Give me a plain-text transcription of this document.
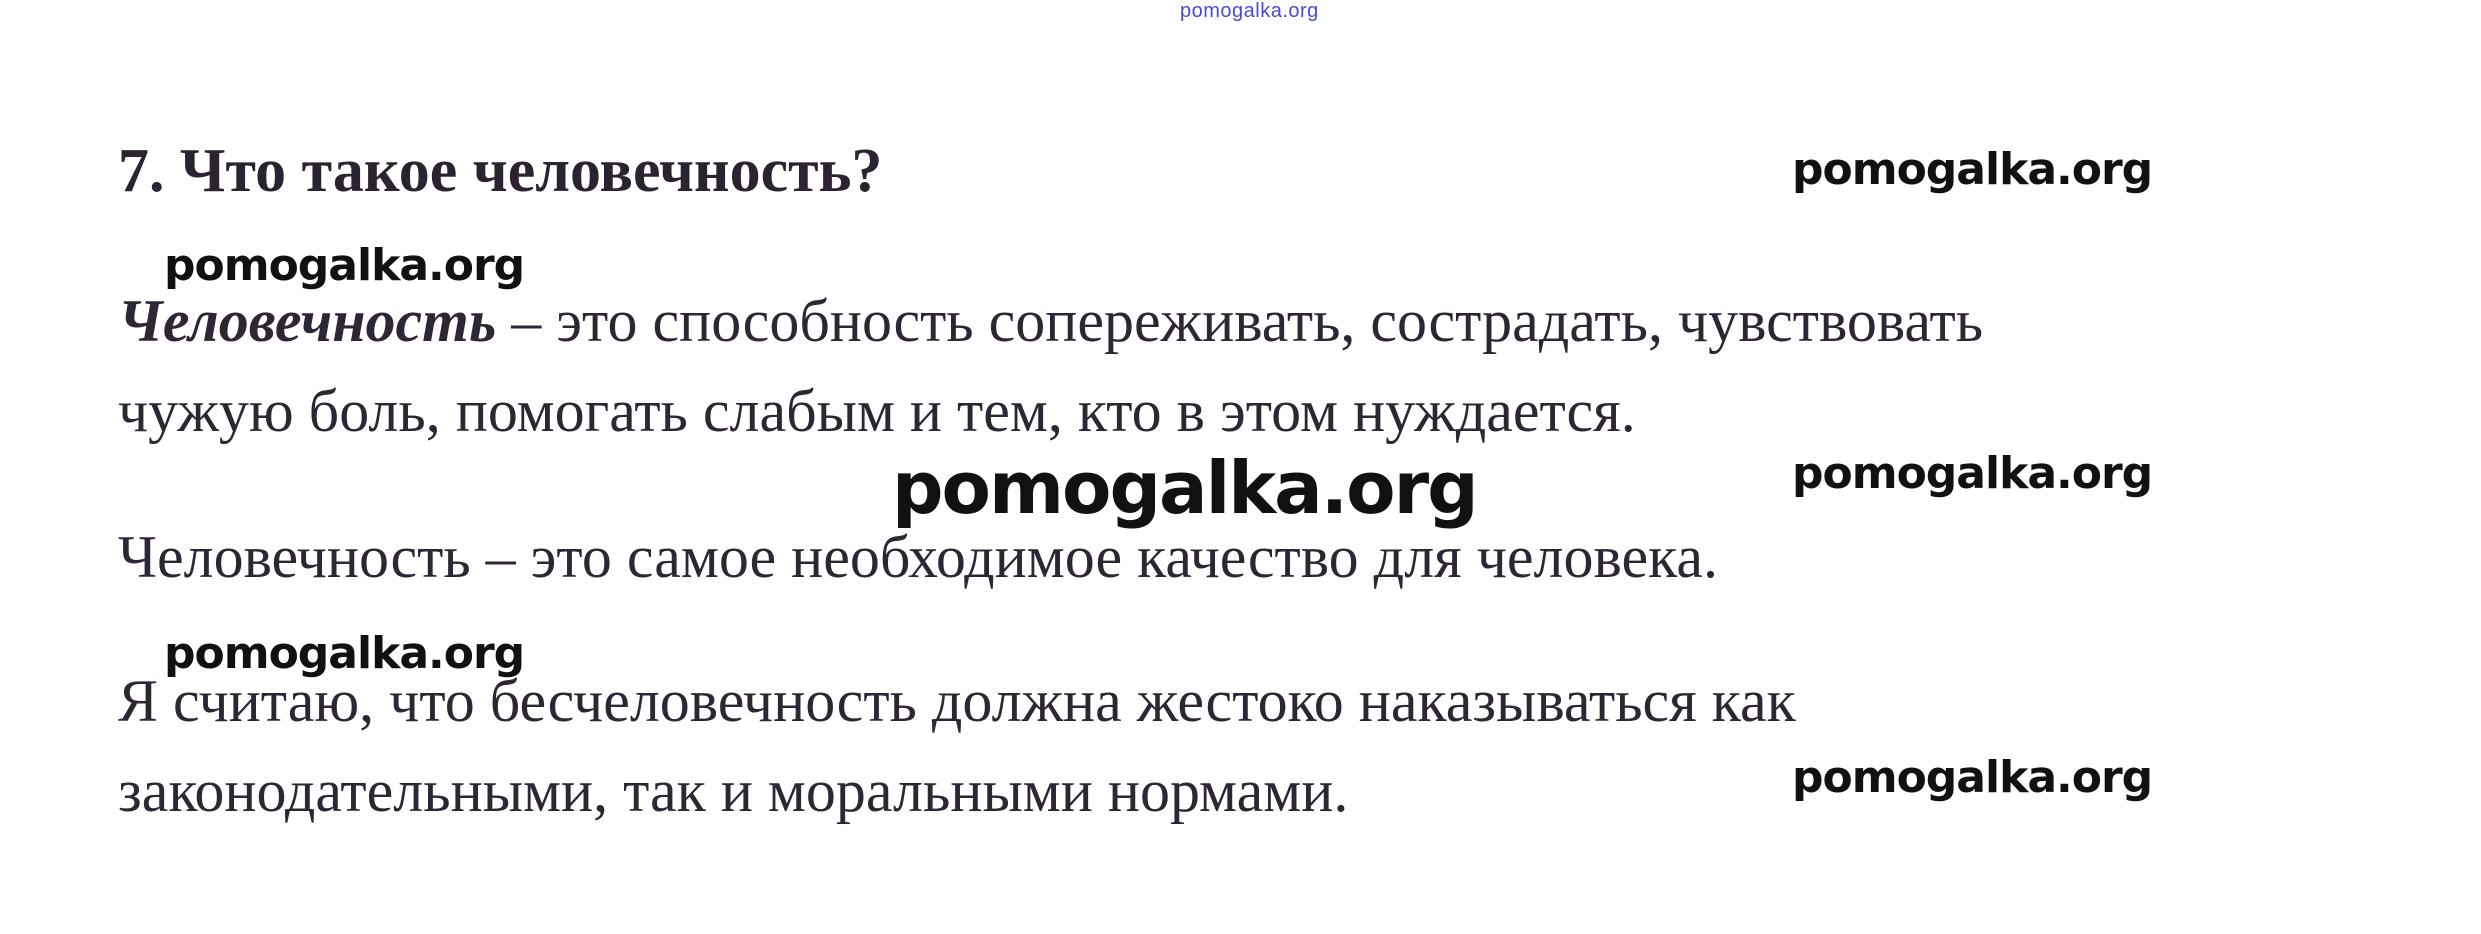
pomogalka.org
7. Что такое человечность?
Человечность – это способность сопереживать, сострадать, чувствовать
чужую боль, помогать слабым и тем, кто в этом нуждается.
Человечность – это самое необходимое качество для человека.
Я считаю, что бесчеловечность должна жестоко наказываться как
законодательными, так и моральными нормами.
pomogalka.org
pomogalka.org
pomogalka.org	pomogalka.org
pomogalka.org
pomogalka.org
